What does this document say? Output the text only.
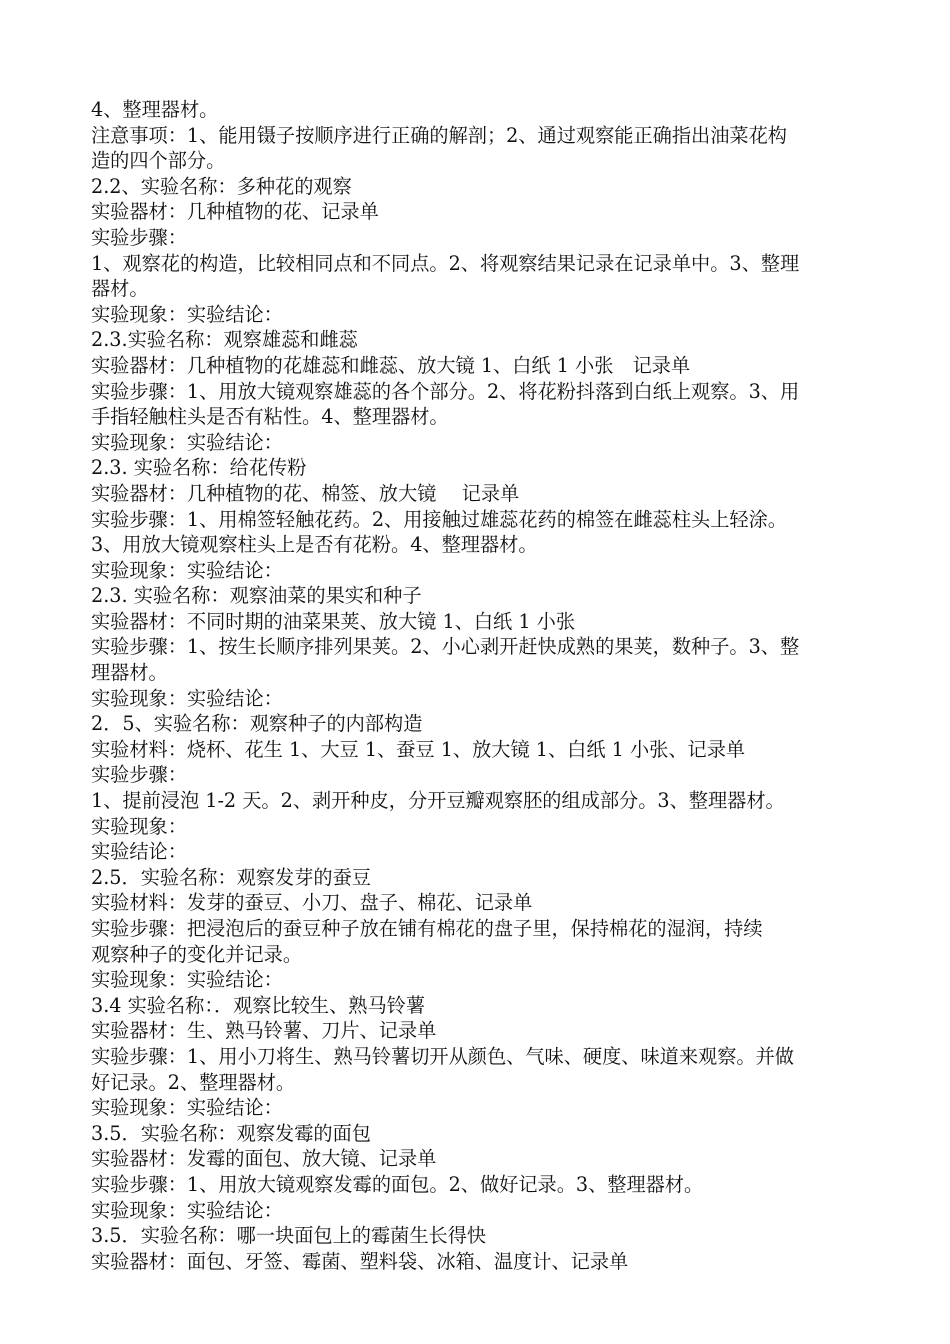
4、整理器材。

注意事项：1、能用镊子按顺序进行正确的解剖；2、通过观察能正确指出油菜花构

造的四个部分。

2.2、实验名称：多种花的观察

实验器材：几种植物的花、记录单

实验步骤：

1、观察花的构造，比较相同点和不同点。2、将观察结果记录在记录单中。3、整理

器材。

实验现象：实验结论：

2.3.实验名称：观察雄蕊和雌蕊

实验器材：几种植物的花雄蕊和雌蕊、放大镜 1、白纸 1 小张　记录单

实验步骤：1、用放大镜观察雄蕊的各个部分。2、将花粉抖落到白纸上观察。3、用

手指轻触柱头是否有粘性。4、整理器材。

实验现象：实验结论：

2.3. 实验名称：给花传粉

实验器材：几种植物的花、棉签、放大镜　 记录单

实验步骤：1、用棉签轻触花药。2、用接触过雄蕊花药的棉签在雌蕊柱头上轻涂。

3、用放大镜观察柱头上是否有花粉。4、整理器材。

实验现象：实验结论：

2.3. 实验名称：观察油菜的果实和种子

实验器材：不同时期的油菜果荚、放大镜 1、白纸 1 小张

实验步骤：1、按生长顺序排列果荚。2、小心剥开赶快成熟的果荚，数种子。3、整

理器材。

实验现象：实验结论：

2．5、实验名称：观察种子的内部构造

实验材料：烧杯、花生 1、大豆 1、蚕豆 1、放大镜 1、白纸 1 小张、记录单

实验步骤：

1、提前浸泡 1-2 天。2、剥开种皮，分开豆瓣观察胚的组成部分。3、整理器材。

实验现象：

实验结论：

2.5．实验名称：观察发芽的蚕豆

实验材料：发芽的蚕豆、小刀、盘子、棉花、记录单

实验步骤：把浸泡后的蚕豆种子放在铺有棉花的盘子里，保持棉花的湿润，持续

观察种子的变化并记录。

实验现象：实验结论：

3.4 实验名称：．观察比较生、熟马铃薯

实验器材：生、熟马铃薯、刀片、记录单

实验步骤：1、用小刀将生、熟马铃薯切开从颜色、气味、硬度、味道来观察。并做

好记录。2、整理器材。

实验现象：实验结论：

3.5．实验名称：观察发霉的面包

实验器材：发霉的面包、放大镜、记录单

实验步骤：1、用放大镜观察发霉的面包。2、做好记录。3、整理器材。

实验现象：实验结论：

3.5．实验名称：哪一块面包上的霉菌生长得快

实验器材：面包、牙签、霉菌、塑料袋、冰箱、温度计、记录单
